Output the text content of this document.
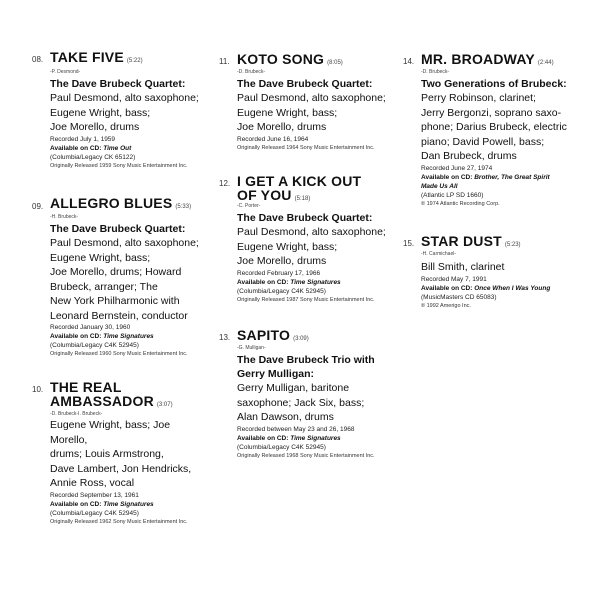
08. TAKE FIVE (5:22)
-P. Desmond-
The Dave Brubeck Quartet:
Paul Desmond, alto saxophone;
Eugene Wright, bass;
Joe Morello, drums
Recorded July 1, 1959
Available on CD: Time Out
(Columbia/Legacy CK 65122)
Originally Released 1959 Sony Music Entertainment Inc.
09. ALLEGRO BLUES (5:33)
-H. Brubeck-
The Dave Brubeck Quartet:
Paul Desmond, alto saxophone;
Eugene Wright, bass;
Joe Morello, drums; Howard
Brubeck, arranger; The
New York Philharmonic with
Leonard Bernstein, conductor
Recorded January 30, 1960
Available on CD: Time Signatures
(Columbia/Legacy C4K 52945)
Originally Released 1960 Sony Music Entertainment Inc.
10. THE REAL
AMBASSADOR (3:07)
-D. Brubeck-I. Brubeck-
Eugene Wright, bass; Joe Morello,
drums; Louis Armstrong,
Dave Lambert, Jon Hendricks,
Annie Ross, vocal
Recorded September 13, 1961
Available on CD: Time Signatures
(Columbia/Legacy C4K 52945)
Originally Released 1962 Sony Music Entertainment Inc.
11. KOTO SONG (8:05)
-D. Brubeck-
The Dave Brubeck Quartet:
Paul Desmond, alto saxophone;
Eugene Wright, bass;
Joe Morello, drums
Recorded June 16, 1964
Originally Released 1964 Sony Music Entertainment Inc.
12. I GET A KICK OUT
OF YOU (5:18)
-C. Porter-
The Dave Brubeck Quartet:
Paul Desmond, alto saxophone;
Eugene Wright, bass;
Joe Morello, drums
Recorded February 17, 1966
Available on CD: Time Signatures
(Columbia/Legacy C4K 52945)
Originally Released 1987 Sony Music Entertainment Inc.
13. SAPITO (3:09)
-G. Mulligan-
The Dave Brubeck Trio with
Gerry Mulligan:
Gerry Mulligan, baritone
saxophone; Jack Six, bass;
Alan Dawson, drums
Recorded between May 23 and 26, 1968
Available on CD: Time Signatures
(Columbia/Legacy C4K 52945)
Originally Released 1968 Sony Music Entertainment Inc.
14. MR. BROADWAY (2:44)
-D. Brubeck-
Two Generations of Brubeck:
Perry Robinson, clarinet;
Jerry Bergonzi, soprano saxo-
phone; Darius Brubeck, electric
piano; David Powell, bass;
Dan Brubeck, drums
Recorded June 27, 1974
Available on CD: Brother, The Great Spirit
Made Us All
(Atlantic LP SD 1660)
℗ 1974 Atlantic Recording Corp.
15. STAR DUST (5:23)
-H. Carmichael-
Bill Smith, clarinet
Recorded May 7, 1991
Available on CD: Once When I Was Young
(MusicMasters CD 65083)
℗ 1992 Amerigo Inc.
